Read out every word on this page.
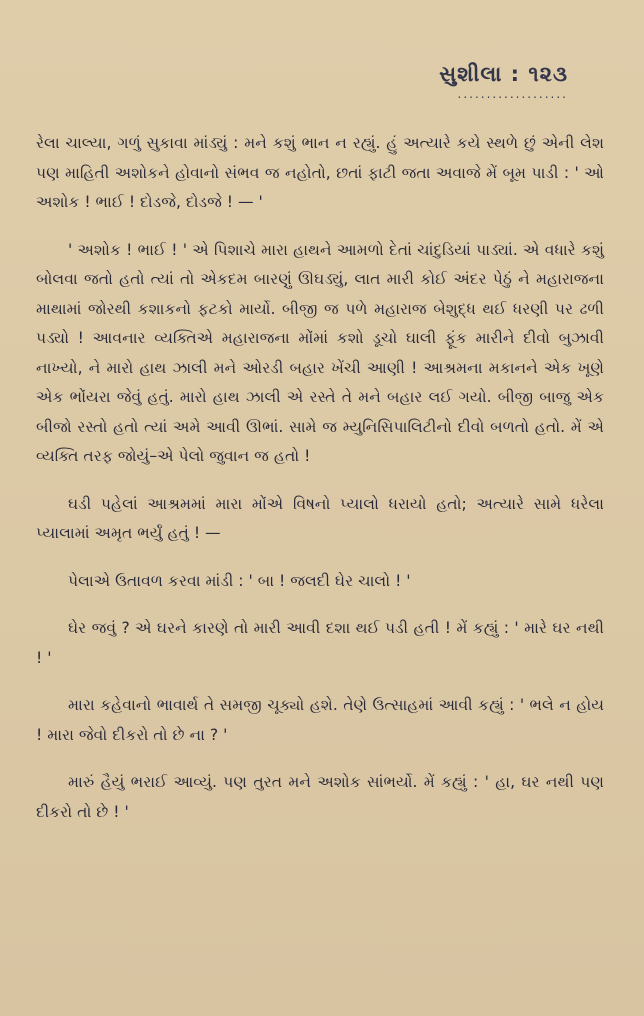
સુશીલા : ૧૨૩
...................

રેલા ચાલ્યા, ગળું સુકાવા માંડ્યું : મને કશું ભાન ન રહ્યું. હું અત્યારે કયે સ્થળે છું એની લેશ પણ માહિતી અશોકને હોવાનો સંભવ જ નહોતો, છતાં ફાટી જતા અવાજે મેં બૂમ પાડી : ' ઓ અશોક ! ભાઈ ! દોડજે, દોડજે ! — '

' અશોક ! ભાઈ ! ' એ પિશાચે મારા હાથને આમળો દેતાં ચાંદુડિયાં પાડ્યાં. એ વધારે કશું બોલવા જતો હતો ત્યાં તો એકદમ બારણું ઊઘડ્યું, લાત મારી કોઈ અંદર પેઠું ને મહારાજના માથામાં જોરથી કશાકનો ફટકો માર્યો. બીજી જ પળે મહારાજ બેશુદ્ધ થઈ ધરણી પર ઢળી પડ્યો ! આવનાર વ્યક્તિએ મહારાજના મોંમાં કશો ડૂચો ઘાલી ફૂંક મારીને દીવો બુઝાવી નાખ્યો, ને મારો હાથ ઝાલી મને ઓરડી બહાર ખેંચી આણી ! આશ્રમના મકાનને એક ખૂણે એક ભોંયરા જેવું હતું. મારો હાથ ઝાલી એ રસ્તે તે મને બહાર લઈ ગયો. બીજી બાજુ એક બીજો રસ્તો હતો ત્યાં અમે આવી ઊભાં. સામે જ મ્યુનિસિપાલિટીનો દીવો બળતો હતો. મેં એ વ્યક્તિ તરફ જોયું–એ પેલો જુવાન જ હતો !

ઘડી પહેલાં આશ્રમમાં મારા મોંએ વિષનો પ્યાલો ધરાયો હતો; અત્યારે સામે ધરેલા પ્યાલામાં અમૃત ભર્યું હતું ! —

પેલાએ ઉતાવળ કરવા માંડી : ' બા ! જલદી ઘેર ચાલો ! '

ઘેર જવું ? એ ઘરને કારણે તો મારી આવી દશા થઈ પડી હતી ! મેં કહ્યું : ' મારે ઘર નથી ! '

મારા કહેવાનો ભાવાર્થ તે સમજી ચૂક્યો હશે. તેણે ઉત્સાહમાં આવી કહ્યું : ' ભલે ન હોય ! મારા જેવો દીકરો તો છે ના ? '

મારું હૈયું ભરાઈ આવ્યું. પણ તુરત મને અશોક સાંભર્યો. મેં કહ્યું : ' હા, ઘર નથી પણ દીકરો તો છે ! '
